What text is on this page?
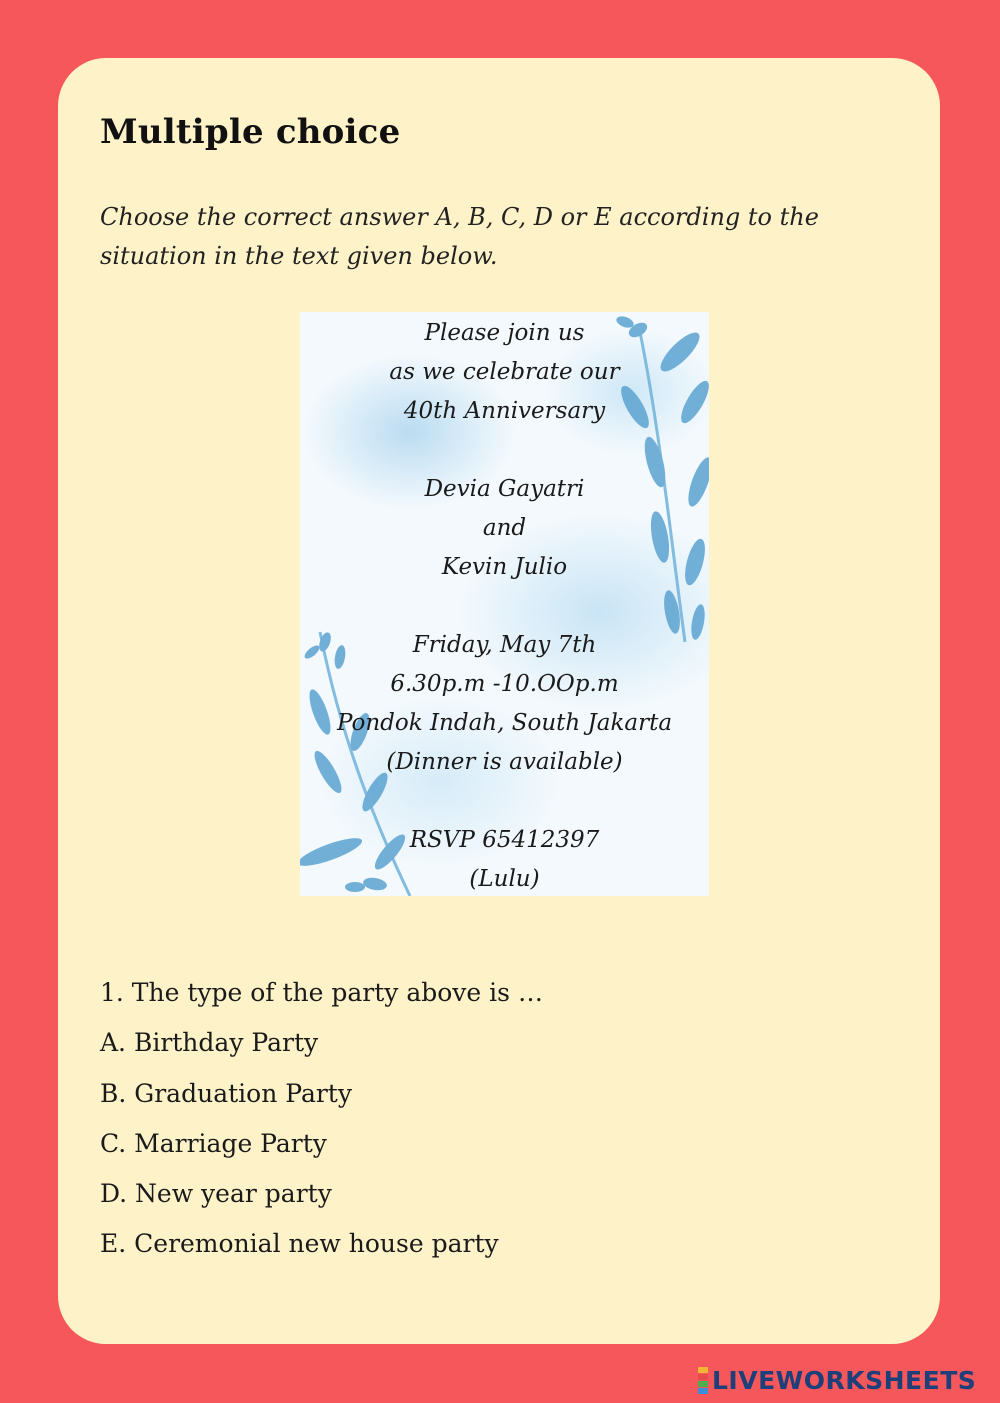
Multiple choice
Choose the correct answer A, B, C, D or E according to the situation in the text given below.
Please join us
as we celebrate our
40th Anniversary
Devia Gayatri
and
Kevin Julio
Friday, May 7th
6.30p.m -10.OOp.m
Pondok Indah, South Jakarta
(Dinner is available)
RSVP 65412397
(Lulu)
1. The type of the party above is …
A. Birthday Party
B. Graduation Party
C. Marriage Party
D. New year party
E. Ceremonial new house party
LIVEWORKSHEETS
